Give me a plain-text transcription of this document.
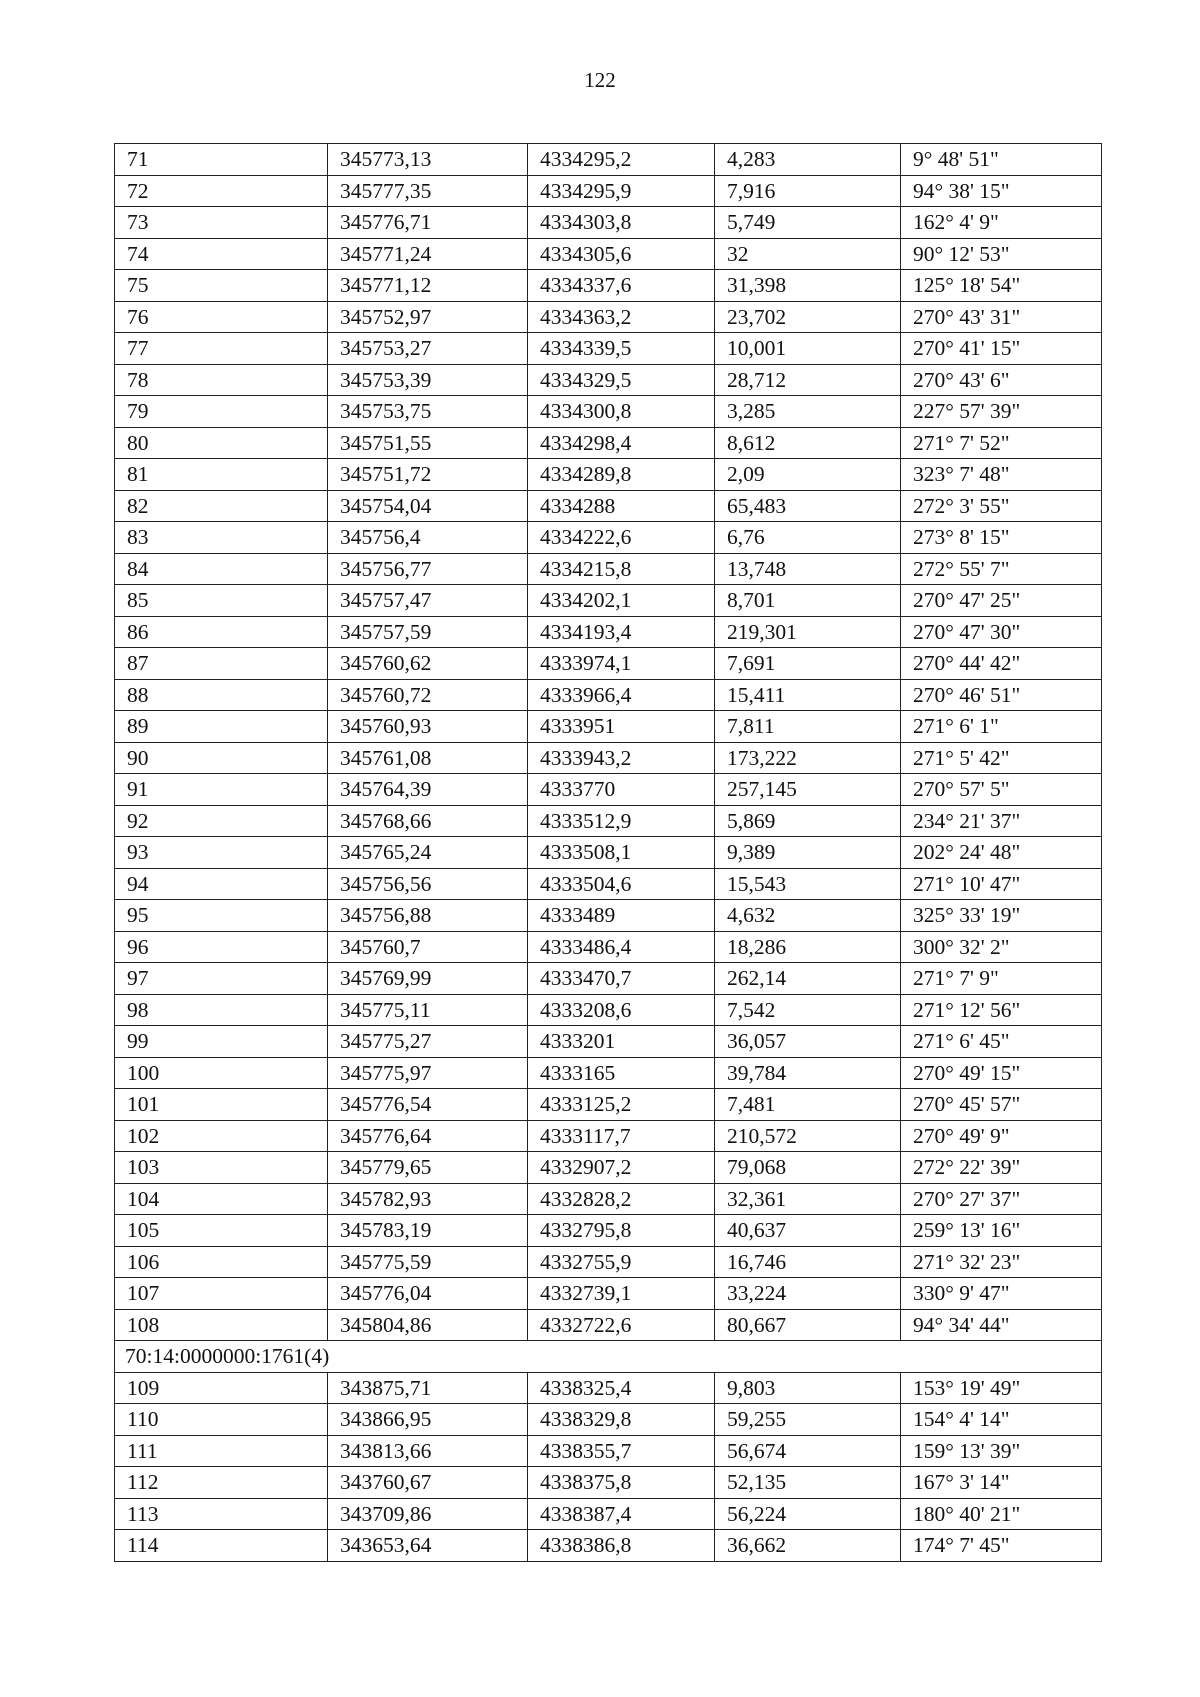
122
71	345773,13	4334295,2	4,283	9° 48' 51"
72	345777,35	4334295,9	7,916	94° 38' 15"
73	345776,71	4334303,8	5,749	162° 4' 9"
74	345771,24	4334305,6	32	90° 12' 53"
75	345771,12	4334337,6	31,398	125° 18' 54"
76	345752,97	4334363,2	23,702	270° 43' 31"
77	345753,27	4334339,5	10,001	270° 41' 15"
78	345753,39	4334329,5	28,712	270° 43' 6"
79	345753,75	4334300,8	3,285	227° 57' 39"
80	345751,55	4334298,4	8,612	271° 7' 52"
81	345751,72	4334289,8	2,09	323° 7' 48"
82	345754,04	4334288	65,483	272° 3' 55"
83	345756,4	4334222,6	6,76	273° 8' 15"
84	345756,77	4334215,8	13,748	272° 55' 7"
85	345757,47	4334202,1	8,701	270° 47' 25"
86	345757,59	4334193,4	219,301	270° 47' 30"
87	345760,62	4333974,1	7,691	270° 44' 42"
88	345760,72	4333966,4	15,411	270° 46' 51"
89	345760,93	4333951	7,811	271° 6' 1"
90	345761,08	4333943,2	173,222	271° 5' 42"
91	345764,39	4333770	257,145	270° 57' 5"
92	345768,66	4333512,9	5,869	234° 21' 37"
93	345765,24	4333508,1	9,389	202° 24' 48"
94	345756,56	4333504,6	15,543	271° 10' 47"
95	345756,88	4333489	4,632	325° 33' 19"
96	345760,7	4333486,4	18,286	300° 32' 2"
97	345769,99	4333470,7	262,14	271° 7' 9"
98	345775,11	4333208,6	7,542	271° 12' 56"
99	345775,27	4333201	36,057	271° 6' 45"
100	345775,97	4333165	39,784	270° 49' 15"
101	345776,54	4333125,2	7,481	270° 45' 57"
102	345776,64	4333117,7	210,572	270° 49' 9"
103	345779,65	4332907,2	79,068	272° 22' 39"
104	345782,93	4332828,2	32,361	270° 27' 37"
105	345783,19	4332795,8	40,637	259° 13' 16"
106	345775,59	4332755,9	16,746	271° 32' 23"
107	345776,04	4332739,1	33,224	330° 9' 47"
108	345804,86	4332722,6	80,667	94° 34' 44"
70:14:0000000:1761(4)				
109	343875,71	4338325,4	9,803	153° 19' 49"
110	343866,95	4338329,8	59,255	154° 4' 14"
111	343813,66	4338355,7	56,674	159° 13' 39"
112	343760,67	4338375,8	52,135	167° 3' 14"
113	343709,86	4338387,4	56,224	180° 40' 21"
114	343653,64	4338386,8	36,662	174° 7' 45"
